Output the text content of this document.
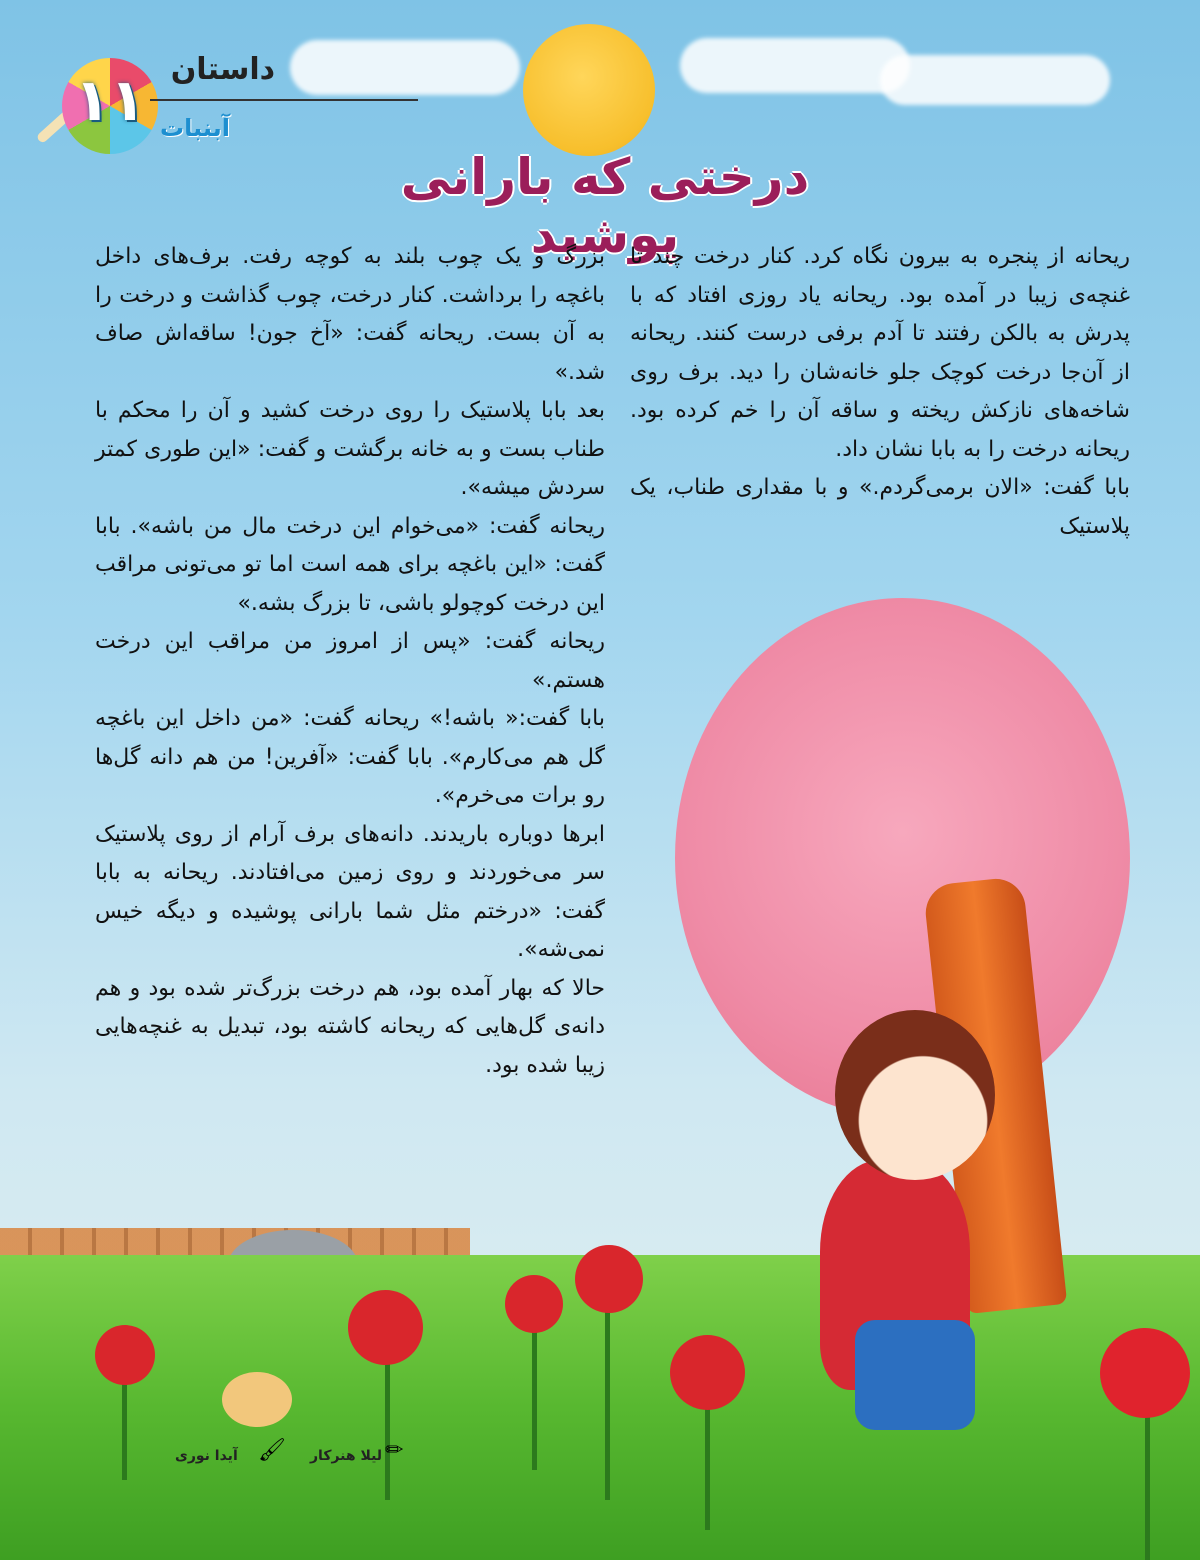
۱۱ آبنبات
داستان
درختی که بارانی پوشید

ریحانه از پنجره به بیرون نگاه کرد. کنار درخت چند تا غنچه‌ی زیبا در آمده بود. ریحانه یاد روزی افتاد که با پدرش به بالکن رفتند تا آدم برفی درست کنند. ریحانه از آن‌جا درخت کوچک جلو خانه‌شان را دید. برف روی شاخه‌های نازکش ریخته و ساقه آن را خم کرده بود. ریحانه درخت را به بابا نشان داد.

بابا گفت: «الان برمی‌گردم.» و با مقداری طناب، یک پلاستیک

بزرگ و یک چوب بلند به کوچه رفت. برف‌های داخل باغچه را برداشت. کنار درخت، چوب گذاشت و درخت را به آن بست. ریحانه گفت: «آخ جون! ساقه‌اش صاف شد.»

بعد بابا پلاستیک را روی درخت کشید و آن را محکم با طناب بست و به خانه برگشت و گفت: «این طوری کمتر سردش میشه».

ریحانه گفت: «می‌خوام این درخت مال من باشه». بابا گفت: «این باغچه برای همه است اما تو می‌تونی مراقب این درخت کوچولو باشی، تا بزرگ بشه.»

ریحانه گفت: «پس از امروز من مراقب این درخت هستم.»

بابا گفت:« باشه!» ریحانه گفت: «من داخل این باغچه گل هم می‌کارم». بابا گفت: «آفرین! من هم دانه گل‌ها رو برات می‌خرم».

ابرها دوباره باریدند. دانه‌های برف آرام از روی پلاستیک سر می‌خوردند و روی زمین می‌افتادند. ریحانه به بابا گفت: «درختم مثل شما بارانی پوشیده و دیگه خیس نمی‌شه».

حالا که بهار آمده بود، هم درخت بزرگ‌تر شده بود و هم دانه‌ی گل‌هایی که ریحانه کاشته بود، تبدیل به غنچه‌هایی زیبا شده بود.

✏
لیلا هنرکار
🖌
آیدا نوری
